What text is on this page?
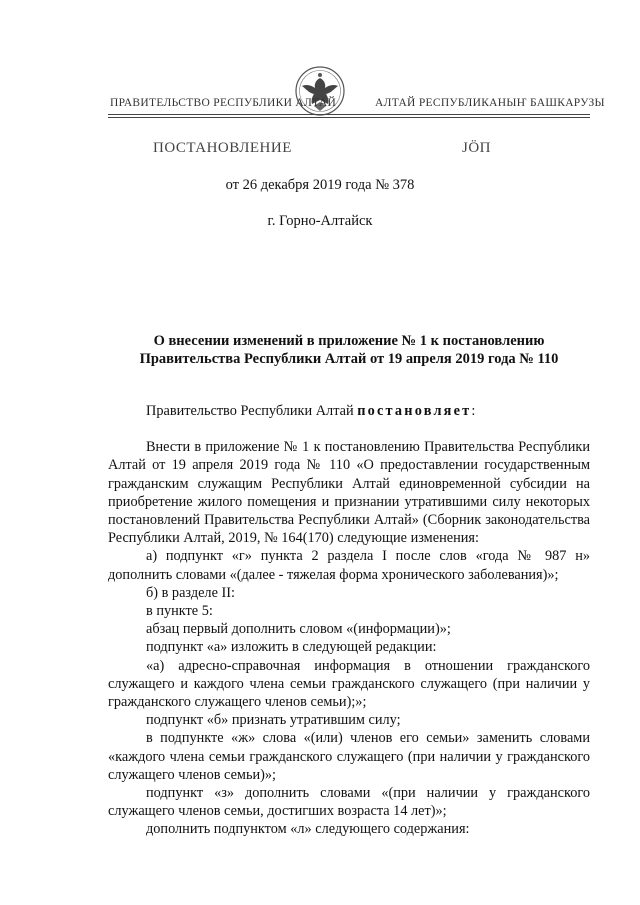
ПРАВИТЕЛЬСТВО РЕСПУБЛИКИ АЛТАЙ	АЛТАЙ РЕСПУБЛИКАНЫҤ БАШКАРУЗЫ
ПОСТАНОВЛЕНИЕ	ЈӦП
от 26 декабря 2019 года № 378
г. Горно-Алтайск
О внесении изменений в приложение № 1 к постановлению
Правительства Республики Алтай от 19 апреля 2019 года № 110

Правительство Республики Алтай постановляет:

Внести в приложение № 1 к постановлению Правительства Республики Алтай от 19 апреля 2019 года № 110 «О предоставлении государственным гражданским служащим Республики Алтай единовременной субсидии на приобретение жилого помещения и признании утратившими силу некоторых постановлений Правительства Республики Алтай» (Сборник законодательства Республики Алтай, 2019, № 164(170) следующие изменения:

а) подпункт «г» пункта 2 раздела I после слов «года № 987 н» дополнить словами «(далее - тяжелая форма хронического заболевания)»;

б) в разделе II:

в пункте 5:

абзац первый дополнить словом «(информации)»;

подпункт «а» изложить в следующей редакции:

«а) адресно-справочная информация в отношении гражданского служащего и каждого члена семьи гражданского служащего (при наличии у гражданского служащего членов семьи);»;

подпункт «б» признать утратившим силу;

в подпункте «ж» слова «(или) членов его семьи» заменить словами «каждого члена семьи гражданского служащего (при наличии у гражданского служащего членов семьи)»;

подпункт «з» дополнить словами «(при наличии у гражданского служащего членов семьи, достигших возраста 14 лет)»;

дополнить подпунктом «л» следующего содержания:
